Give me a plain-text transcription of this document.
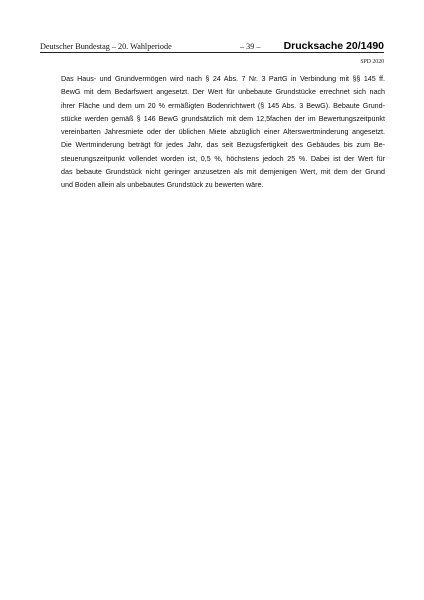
Deutscher Bundestag – 20. Wahlperiode	– 39 – Drucksache 20/1490
SPD 2020
Das Haus- und Grundvermögen wird nach § 24 Abs. 7 Nr. 3 PartG in Verbindung mit §§ 145 ff.
BewG mit dem Bedarfswert angesetzt. Der Wert für unbebaute Grundstücke errechnet sich nach
ihrer Fläche und dem um 20 % ermäßigten Bodenrichtwert (§ 145 Abs. 3 BewG). Bebaute Grund-
stücke werden gemäß § 146 BewG grundsätzlich mit dem 12,5fachen der im Bewertungszeitpunkt
vereinbarten Jahresmiete oder der üblichen Miete abzüglich einer Alterswertminderung angesetzt.
Die Wertminderung beträgt für jedes Jahr, das seit Bezugsfertigkeit des Gebäudes bis zum Be-
steuerungszeitpunkt vollendet worden ist, 0,5 %, höchstens jedoch 25 %. Dabei ist der Wert für
das bebaute Grundstück nicht geringer anzusetzen als mit demjenigen Wert, mit dem der Grund
und Boden allein als unbebautes Grundstück zu bewerten wäre.
